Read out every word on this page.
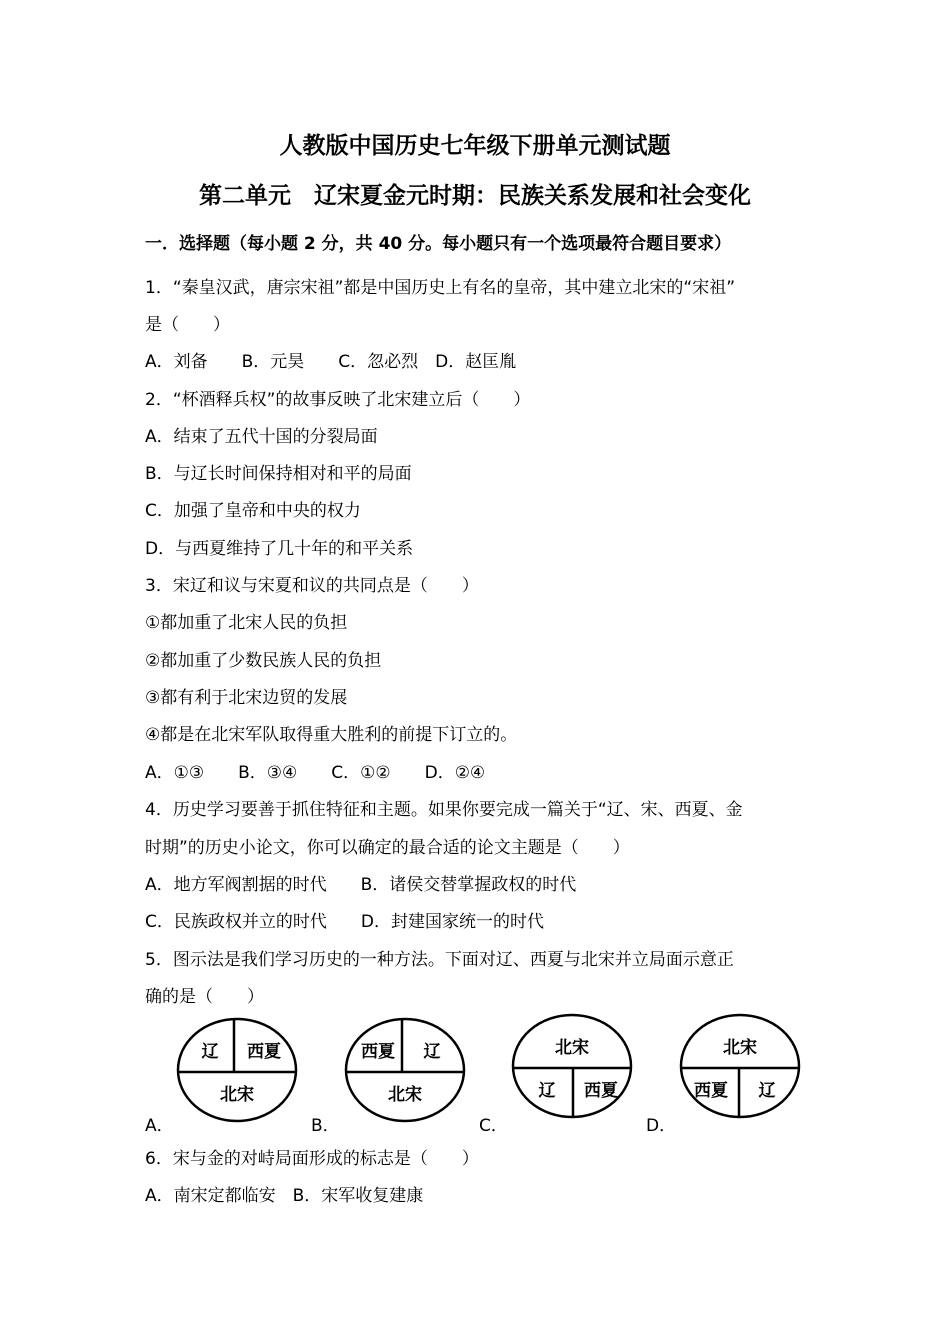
人教版中国历史七年级下册单元测试题
第二单元　辽宋夏金元时期：民族关系发展和社会变化
一．选择题（每小题 2 分，共 40 分。每小题只有一个选项最符合题目要求）
1．“秦皇汉武，唐宗宋祖”都是中国历史上有名的皇帝，其中建立北宋的“宋祖”
是（　　）
A．刘备　　B．元昊　　C．忽必烈　D．赵匡胤
2．“杯酒释兵权”的故事反映了北宋建立后（　　）
A．结束了五代十国的分裂局面
B．与辽长时间保持相对和平的局面
C．加强了皇帝和中央的权力
D．与西夏维持了几十年的和平关系
3．宋辽和议与宋夏和议的共同点是（　　）
①都加重了北宋人民的负担
②都加重了少数民族人民的负担
③都有利于北宋边贸的发展
④都是在北宋军队取得重大胜利的前提下订立的。
A．①③　　B．③④　　C．①②　　D．②④
4．历史学习要善于抓住特征和主题。如果你要完成一篇关于“辽、宋、西夏、金
时期”的历史小论文，你可以确定的最合适的论文主题是（　　）
A．地方军阀割据的时代　　B．诸侯交替掌握政权的时代
C．民族政权并立的时代　　D．封建国家统一的时代
5．图示法是我们学习历史的一种方法。下面对辽、西夏与北宋并立局面示意正
确的是（　　）
A．
辽 西夏
北宋
B．
西夏 辽
北宋
C．
北宋
辽 西夏
D．
北宋
西夏 辽
6．宋与金的对峙局面形成的标志是（　　）
A．南宋定都临安　B．宋军收复建康
